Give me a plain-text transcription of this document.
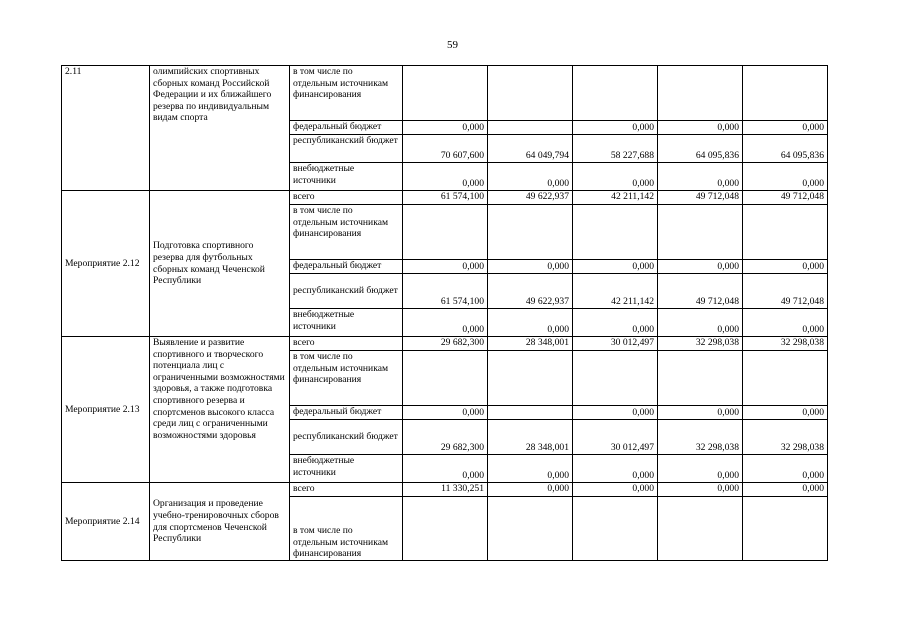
59
2.11	олимпийских спортивных сборных команд Российской Федерации и их ближайшего резерва по индивидуальным видам спорта	в том числе по отдельным источникам финансирования					
		федеральный бюджет	0,000		0,000	0,000	0,000
		республиканский бюджет	70 607,600	64 049,794	58 227,688	64 095,836	64 095,836
		внебюджетные источники	0,000	0,000	0,000	0,000	0,000
Мероприятие 2.12	Подготовка спортивного резерва для футбольных сборных команд Чеченской Республики	всего	61 574,100	49 622,937	42 211,142	49 712,048	49 712,048
		в том числе по отдельным источникам финансирования					
		федеральный бюджет	0,000	0,000	0,000	0,000	0,000
		республиканский бюджет	61 574,100	49 622,937	42 211,142	49 712,048	49 712,048
		внебюджетные источники	0,000	0,000	0,000	0,000	0,000
Мероприятие 2.13	Выявление и развитие спортивного и творческого потенциала лиц с ограниченными возможностями здоровья, а также подготовка спортивного резерва и спортсменов высокого класса среди лиц с ограниченными возможностями здоровья	всего	29 682,300	28 348,001	30 012,497	32 298,038	32 298,038
		в том числе по отдельным источникам финансирования					
		федеральный бюджет	0,000		0,000	0,000	0,000
		республиканский бюджет	29 682,300	28 348,001	30 012,497	32 298,038	32 298,038
		внебюджетные источники	0,000	0,000	0,000	0,000	0,000
Мероприятие 2.14	Организация и проведение учебно-тренировочных сборов для спортсменов Чеченской Республики	всего	11 330,251	0,000	0,000	0,000	0,000
		в том числе по отдельным источникам финансирования					
